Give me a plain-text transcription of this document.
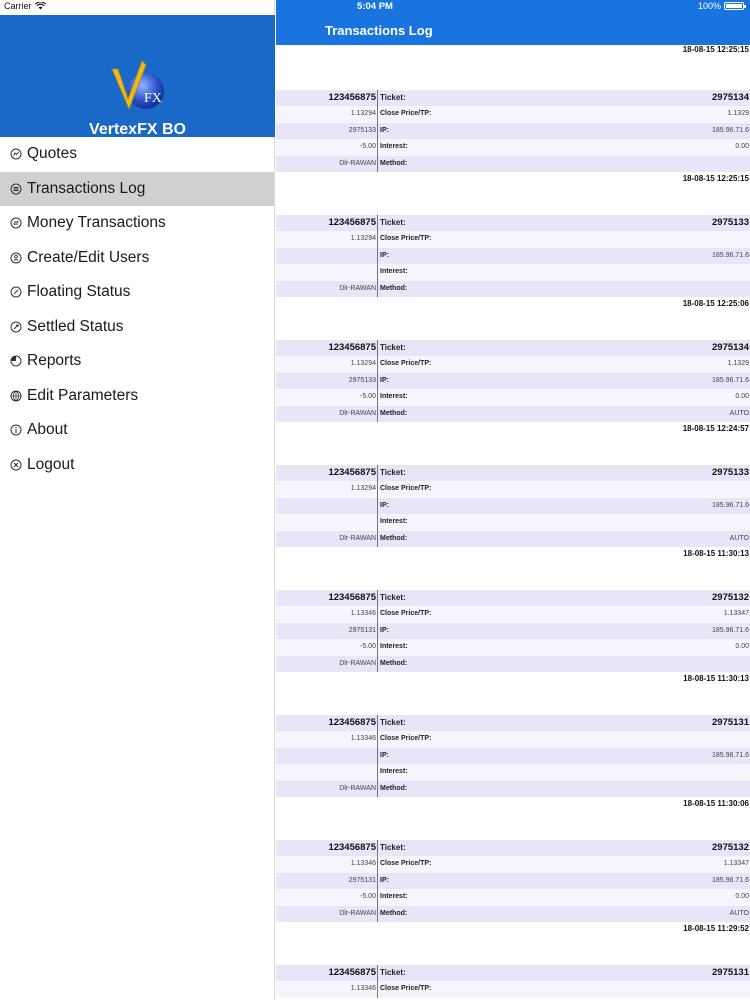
FX
VertexFX BO
Quotes
Transactions Log
Money Transactions
Create/Edit Users
Floating Status
Settled Status
Reports
Edit Parameters
About
Logout
Transactions Log
18-08-15 12:25:15
123456875 Ticket:	2975134
1.13294 Close Price/TP:	1.1329
2975133 IP:	185.96.71.6
-5.00 Interest:	0.00
Dlr-RAWAN Method:
18-08-15 12:25:15
123456875 Ticket:	2975133
1.13294 Close Price/TP:
IP:	185.96.71.6
Interest:
Dlr-RAWAN Method:
18-08-15 12:25:06
123456875 Ticket:	2975134
1.13294 Close Price/TP:	1.1329
2975133 IP:	185.96.71.6
-5.00 Interest:	0.00
Dlr-RAWAN Method:	AUTO
18-08-15 12:24:57
123456875 Ticket:	2975133
1.13294 Close Price/TP:
IP:	185.96.71.6
Interest:
Dlr-RAWAN Method:	AUTO
18-08-15 11:30:13
123456875 Ticket:	2975132
1.13346 Close Price/TP:	1.13347
2975131 IP:	185.96.71.6
-5.00 Interest:	0.00
Dlr-RAWAN Method:
18-08-15 11:30:13
123456875 Ticket:	2975131
1.13346 Close Price/TP:
IP:	185.96.71.6
Interest:
Dlr-RAWAN Method:
18-08-15 11:30:06
123456875 Ticket:	2975132
1.13346 Close Price/TP:	1.13347
2975131 IP:	185.96.71.6
-5.00 Interest:	0.00
Dlr-RAWAN Method:	AUTO
18-08-15 11:29:52
123456875 Ticket:	2975131
1.13346 Close Price/TP:
Carrier	5:04 PM	100%
